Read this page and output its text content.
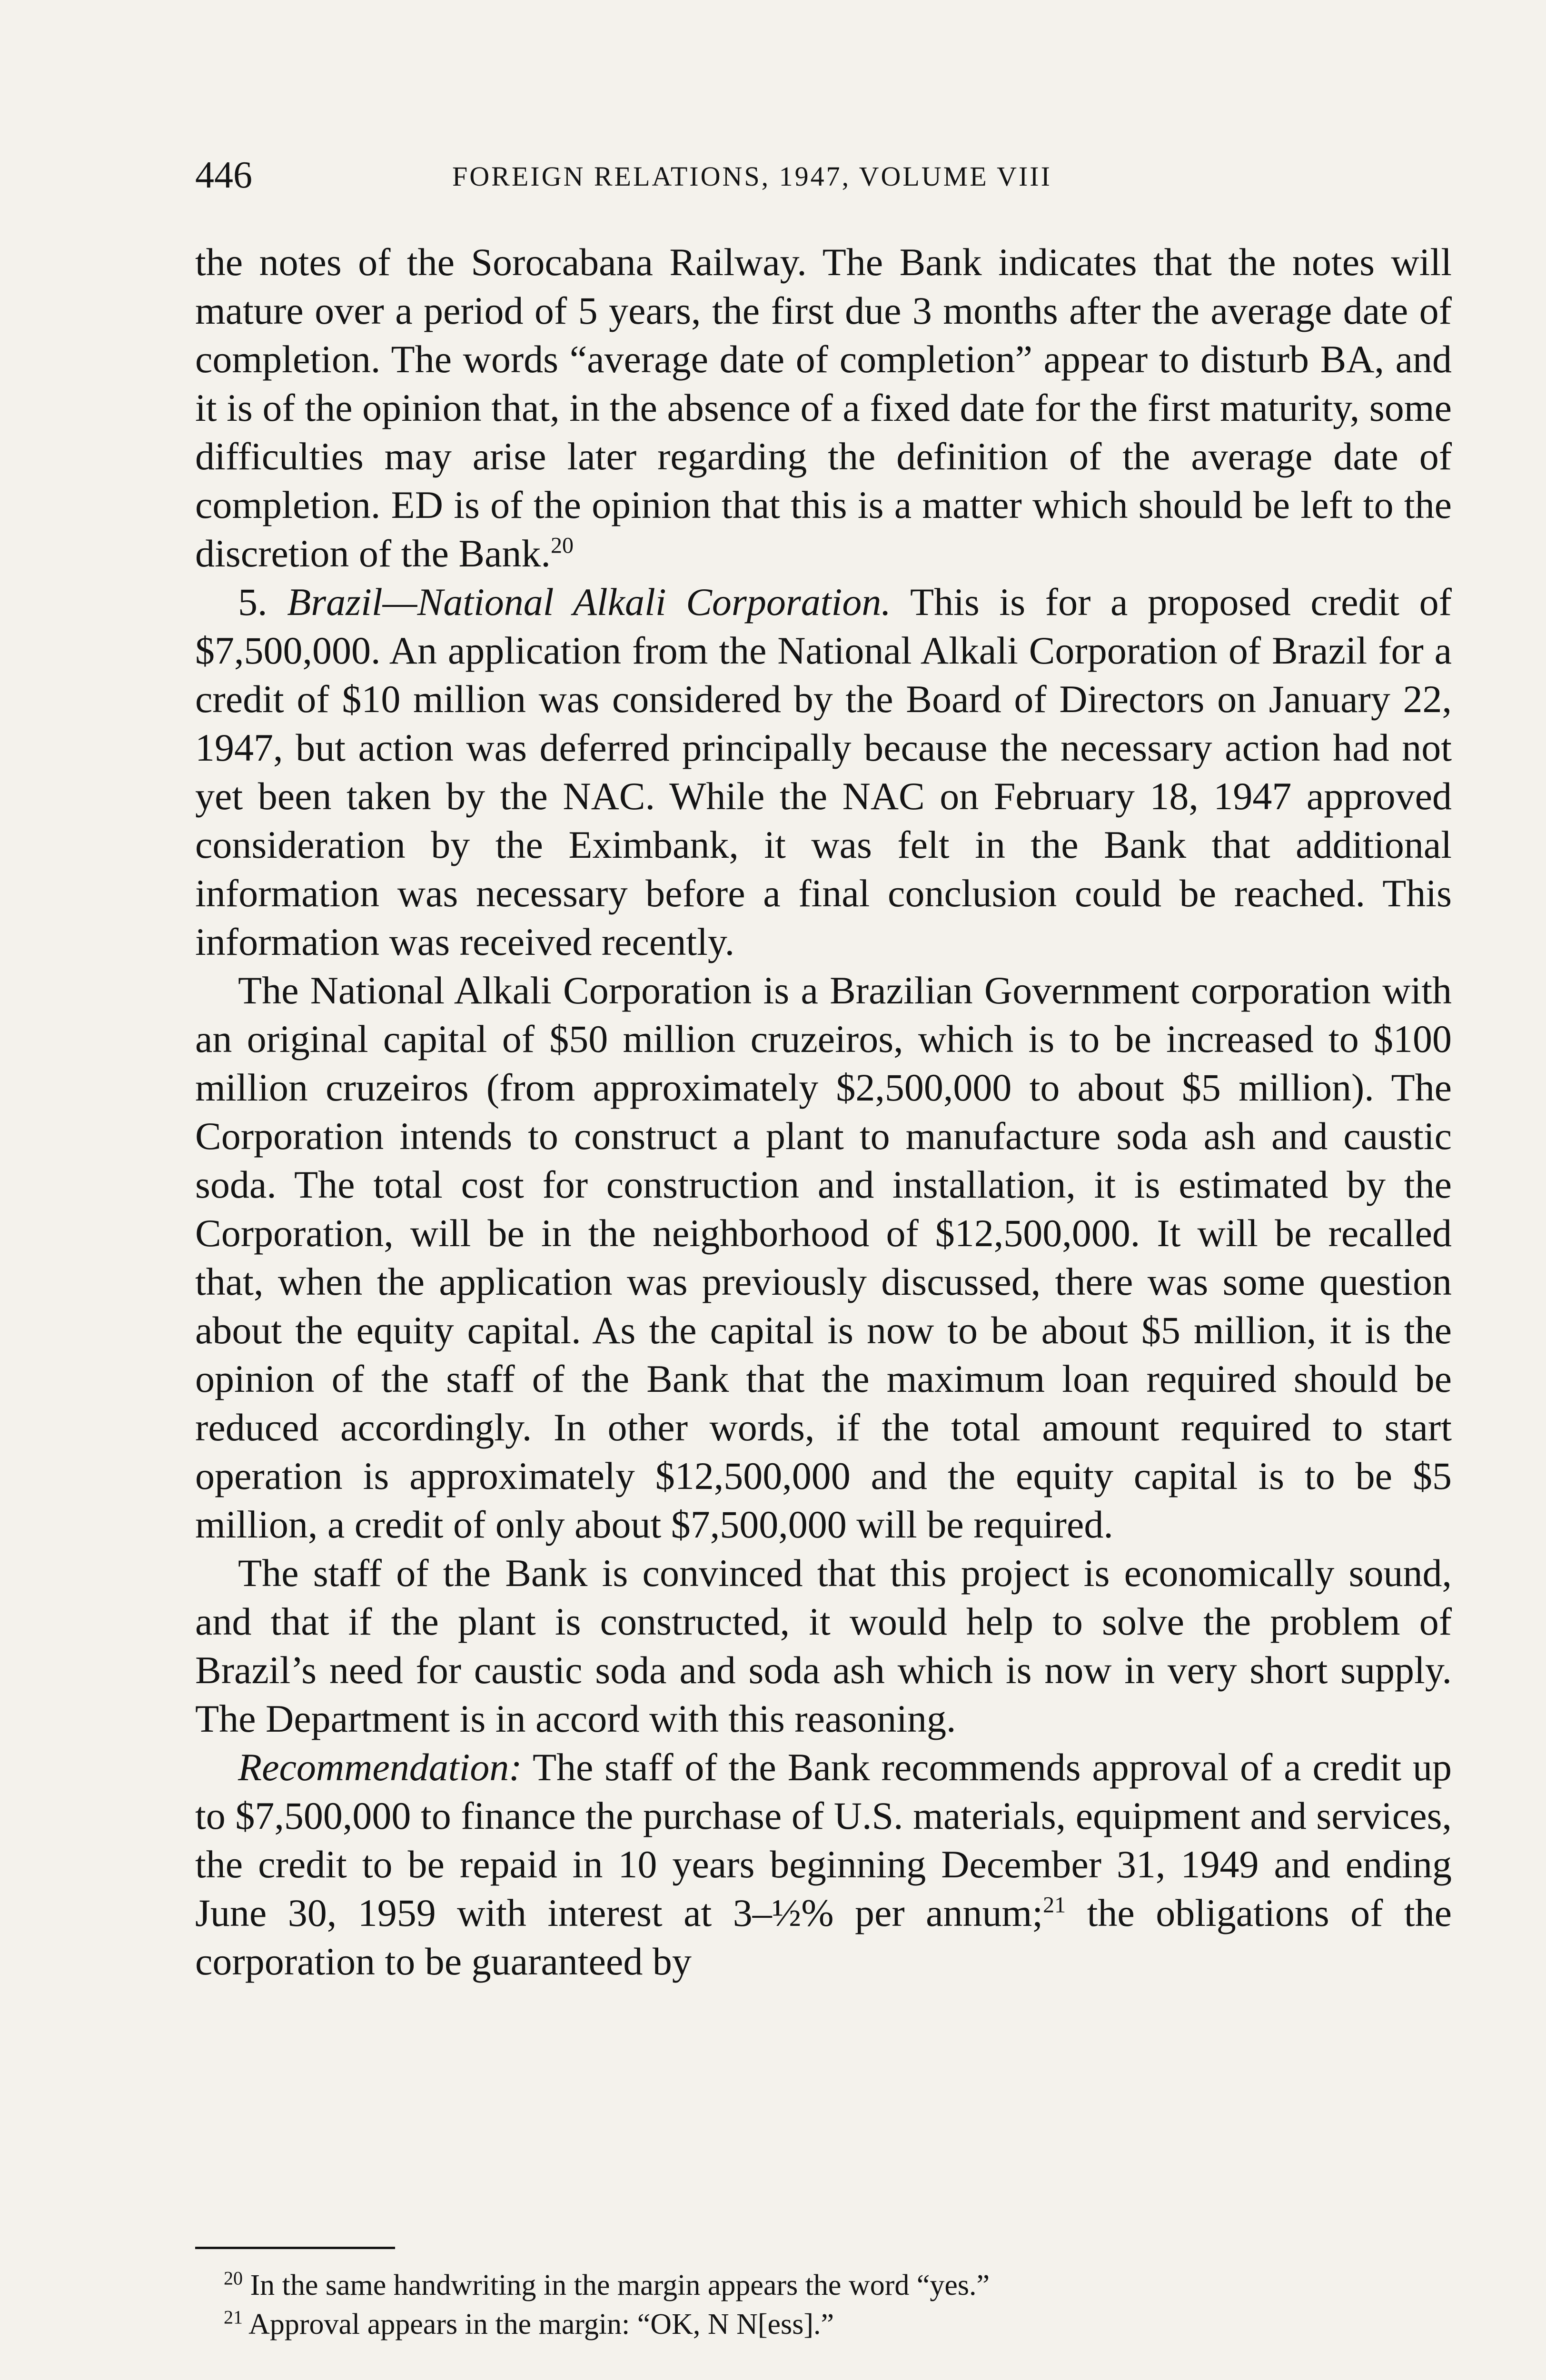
446	FOREIGN RELATIONS, 1947, VOLUME VIII

the notes of the Sorocabana Railway. The Bank indicates that the notes will mature over a period of 5 years, the first due 3 months after the average date of completion. The words “average date of completion” appear to disturb BA, and it is of the opinion that, in the absence of a fixed date for the first maturity, some difficulties may arise later regarding the definition of the average date of completion. ED is of the opinion that this is a matter which should be left to the discretion of the Bank.$^{20}$

5. Brazil—National Alkali Corporation. This is for a proposed credit of $7,500,000. An application from the National Alkali Corporation of Brazil for a credit of $10 million was considered by the Board of Directors on January 22, 1947, but action was deferred principally because the necessary action had not yet been taken by the NAC. While the NAC on February 18, 1947 approved consideration by the Eximbank, it was felt in the Bank that additional information was necessary before a final conclusion could be reached. This information was received recently.

The National Alkali Corporation is a Brazilian Government corporation with an original capital of $50 million cruzeiros, which is to be increased to $100 million cruzeiros (from approximately $2,500,000 to about $5 million). The Corporation intends to construct a plant to manufacture soda ash and caustic soda. The total cost for construction and installation, it is estimated by the Corporation, will be in the neighborhood of $12,500,000. It will be recalled that, when the application was previously discussed, there was some question about the equity capital. As the capital is now to be about $5 million, it is the opinion of the staff of the Bank that the maximum loan required should be reduced accordingly. In other words, if the total amount required to start operation is approximately $12,500,000 and the equity capital is to be $5 million, a credit of only about $7,500,000 will be required.

The staff of the Bank is convinced that this project is economically sound, and that if the plant is constructed, it would help to solve the problem of Brazil’s need for caustic soda and soda ash which is now in very short supply. The Department is in accord with this reasoning.

Recommendation: The staff of the Bank recommends approval of a credit up to $7,500,000 to finance the purchase of U.S. materials, equipment and services, the credit to be repaid in 10 years beginning December 31, 1949 and ending June 30, 1959 with interest at 3–½% per annum;$^{21}$ the obligations of the corporation to be guaranteed by

$^{20}$ In the same handwriting in the margin appears the word “yes.”

$^{21}$ Approval appears in the margin: “OK, N N[ess].”
